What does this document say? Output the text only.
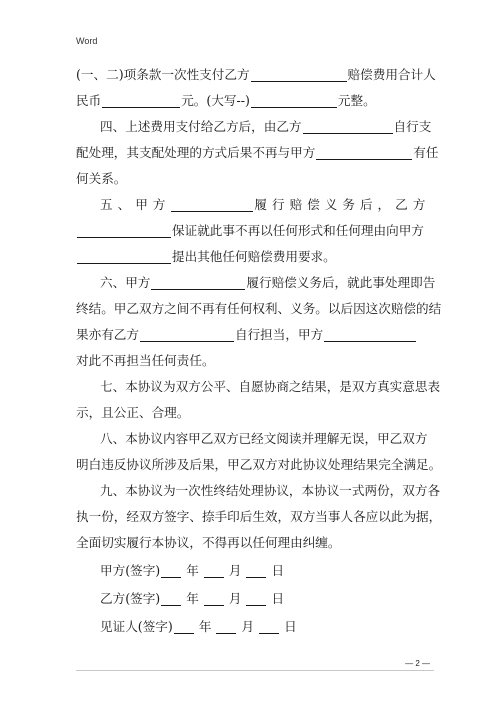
Word
(一、二)项条款一次性支付乙方	赔偿费用合计人
民币	元。(大写--)	元整。
四、上述费用支付给乙方后，由乙方	自行支
配处理，其支配处理的方式后果不再与甲方	有任
何关系。
五、甲方	履行赔偿义务后，乙方
保证就此事不再以任何形式和任何理由向甲方
提出其他任何赔偿费用要求。
六、甲方	履行赔偿义务后，就此事处理即告
终结。甲乙双方之间不再有任何权利、义务。以后因这次赔偿的结
果亦有乙方	自行担当，甲方
对此不再担当任何责任。
七、本协议为双方公平、自愿协商之结果，是双方真实意思表
示，且公正、合理。
八、本协议内容甲乙双方已经文阅读并理解无误，甲乙双方
明白违反协议所涉及后果，甲乙双方对此协议处理结果完全满足。
九、本协议为一次性终结处理协议，本协议一式两份，双方各
执一份，经双方签字、捺手印后生效，双方当事人各应以此为据，
全面切实履行本协议，不得再以任何理由纠缠。
甲方(签字) 年 月 日
乙方(签字) 年 月 日
见证人(签字) 年 月 日
— 2 —
